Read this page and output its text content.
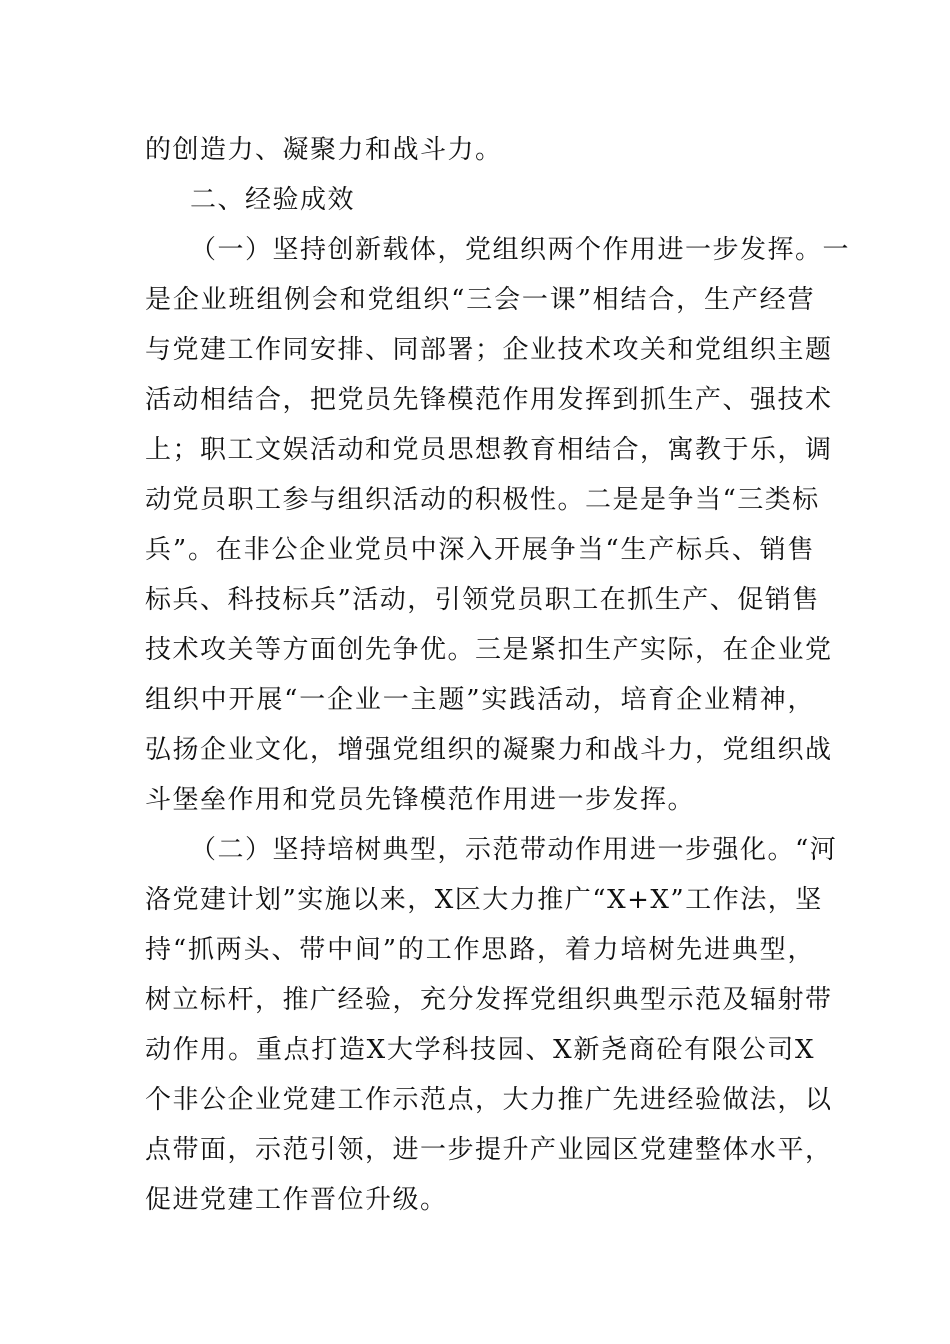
的创造力、凝聚力和战斗力。
二、经验成效
（一）坚持创新载体，党组织两个作用进一步发挥。一
是企业班组例会和党组织“三会一课”相结合，生产经营
与党建工作同安排、同部署；企业技术攻关和党组织主题
活动相结合，把党员先锋模范作用发挥到抓生产、强技术
上；职工文娱活动和党员思想教育相结合，寓教于乐，调
动党员职工参与组织活动的积极性。二是是争当“三类标
兵”。在非公企业党员中深入开展争当“生产标兵、销售
标兵、科技标兵”活动，引领党员职工在抓生产、促销售
技术攻关等方面创先争优。三是紧扣生产实际，在企业党
组织中开展“一企业一主题”实践活动，培育企业精神，
弘扬企业文化，增强党组织的凝聚力和战斗力，党组织战
斗堡垒作用和党员先锋模范作用进一步发挥。
（二）坚持培树典型，示范带动作用进一步强化。“河
洛党建计划”实施以来，X区大力推广“X+X”工作法，坚
持“抓两头、带中间”的工作思路，着力培树先进典型，
树立标杆，推广经验，充分发挥党组织典型示范及辐射带
动作用。重点打造X大学科技园、X新尧商砼有限公司X
个非公企业党建工作示范点，大力推广先进经验做法，以
点带面，示范引领，进一步提升产业园区党建整体水平，
促进党建工作晋位升级。
